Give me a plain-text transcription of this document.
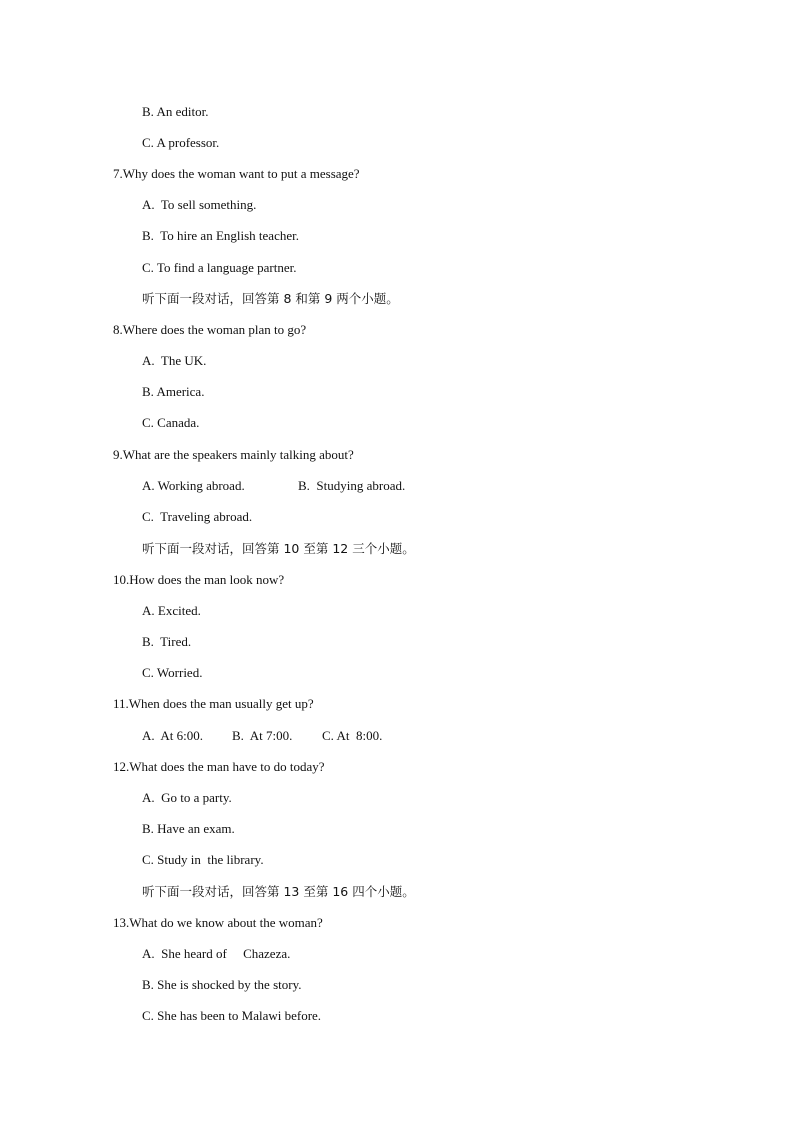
B. An editor.
C. A professor.
7.Why does the woman want to put a message?
A.  To sell something.
B.  To hire an English teacher.
C. To find a language partner.
听下面一段对话，回答第 8 和第 9 两个小题。
8.Where does the woman plan to go?
A.  The UK.
B. America.
C. Canada.
9.What are the speakers mainly talking about?
A. Working abroad.	B.  Studying abroad.
C.  Traveling abroad.
听下面一段对话，回答第 10 至第 12 三个小题。
10.How does the man look now?
A. Excited.
B.  Tired.
C. Worried.
11.When does the man usually get up?
A.  At 6:00. B.  At 7:00. C. At  8:00.
12.What does the man have to do today?
A.  Go to a party.
B. Have an exam.
C. Study in  the library.
听下面一段对话，回答第 13 至第 16 四个小题。
13.What do we know about the woman?
A.  She heard of     Chazeza.
B. She is shocked by the story.
C. She has been to Malawi before.
